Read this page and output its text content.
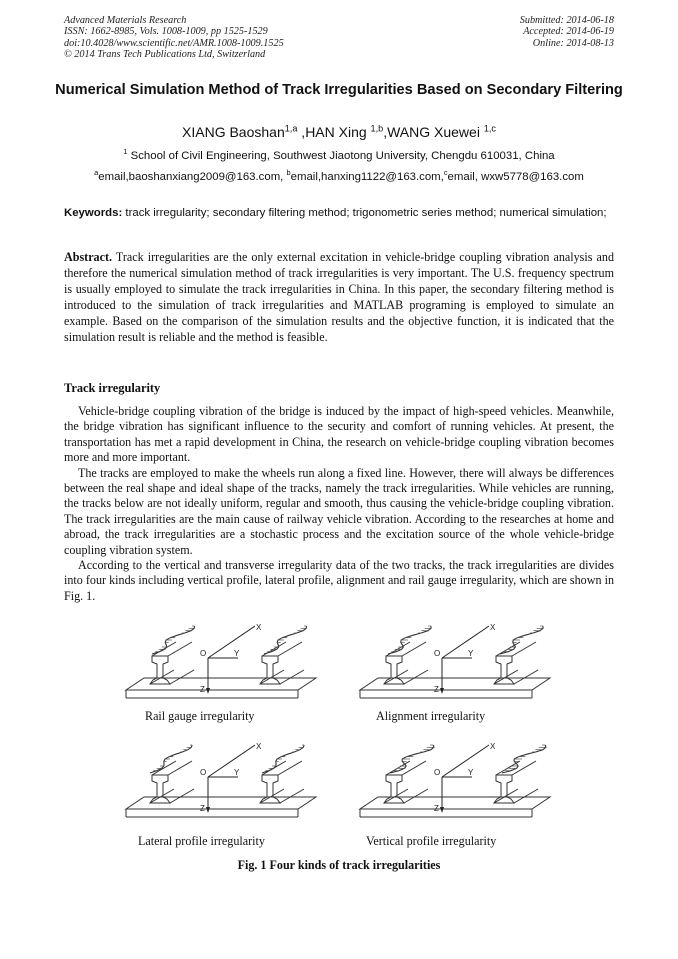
Advanced Materials Research
ISSN: 1662-8985, Vols. 1008-1009, pp 1525-1529
doi:10.4028/www.scientific.net/AMR.1008-1009.1525
© 2014 Trans Tech Publications Ltd, Switzerland
Submitted: 2014-06-18
Accepted: 2014-06-19
Online: 2014-08-13
Numerical Simulation Method of Track Irregularities Based on Secondary Filtering
XIANG Baoshan$^{1,a}$ ,HAN Xing $^{1,b}$,WANG Xuewei $^{1,c}$
$^1$ School of Civil Engineering, Southwest Jiaotong University, Chengdu 610031, China
$^a$email,baoshanxiang2009@163.com, $^b$email,hanxing1122@163.com,$^c$email, wxw5778@163.com
Keywords: track irregularity; secondary filtering method; trigonometric series method; numerical simulation;
Abstract. Track irregularities are the only external excitation in vehicle-bridge coupling vibration analysis and therefore the numerical simulation method of track irregularities is very important. The U.S. frequency spectrum is usually employed to simulate the track irregularities in China. In this paper, the secondary filtering method is introduced to the simulation of track irregularities and MATLAB programing is employed to simulate an example. Based on the comparison of the simulation results and the objective function, it is indicated that the simulation result is reliable and the method is feasible.
Track irregularity

Vehicle-bridge coupling vibration of the bridge is induced by the impact of high-speed vehicles. Meanwhile, the bridge vibration has significant influence to the security and comfort of running vehicles. At present, the transportation has met a rapid development in China, the research on vehicle-bridge coupling vibration becomes more and more important.

The tracks are employed to make the wheels run along a fixed line. However, there will always be differences between the real shape and ideal shape of the tracks, namely the track irregularities. While vehicles are running, the tracks below are not ideally uniform, regular and smooth, thus causing the vehicle-bridge coupling vibration. The track irregularities are the main cause of railway vehicle vibration. According to the researches at home and abroad, the track irregularities are a stochastic process and the excitation source of the whole vehicle-bridge coupling vibration system.

According to the vertical and transverse irregularity data of the two tracks, the track irregularities are divides into four kinds including vertical profile, lateral profile, alignment and rail gauge irregularity, which are shown in Fig. 1.

X
Y
O
Z
X
Y
O
Z
X
Y
O
Z
X
Y
O
Z
Rail gauge irregularity	Alignment irregularity
Lateral profile irregularity	Vertical profile irregularity
Fig. 1 Four kinds of track irregularities
